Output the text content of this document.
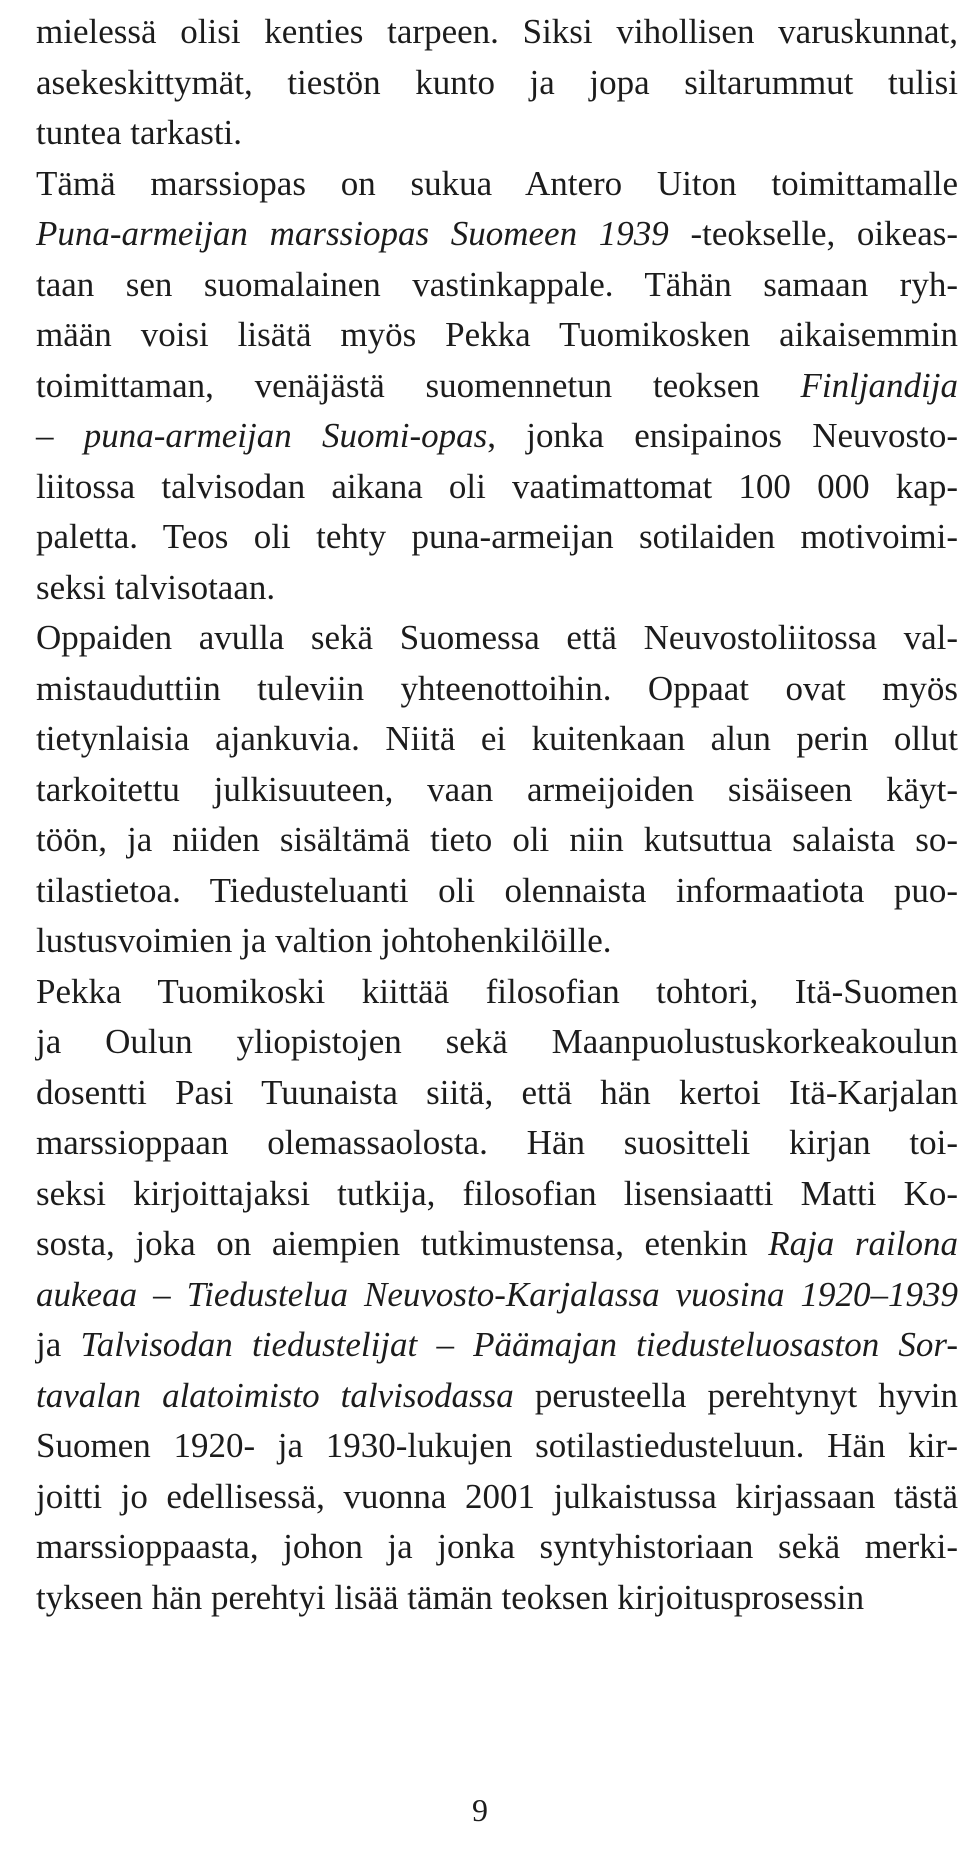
mielessä olisi kenties tarpeen. Siksi vihollisen varuskunnat,
asekeskittymät, tiestön kunto ja jopa siltarummut tulisi
tuntea tarkasti.
Tämä marssiopas on sukua Antero Uiton toimittamalle
Puna-armeijan marssiopas Suomeen 1939 -teokselle, oikeas-
taan sen suomalainen vastinkappale. Tähän samaan ryh-
mään voisi lisätä myös Pekka Tuomikosken aikaisemmin
toimittaman, venäjästä suomennetun teoksen Finljandija
– puna-armeijan Suomi-opas, jonka ensipainos Neuvosto-
liitossa talvisodan aikana oli vaatimattomat 100 000 kap-
paletta. Teos oli tehty puna-armeijan sotilaiden motivoimi-
seksi talvisotaan.
Oppaiden avulla sekä Suomessa että Neuvostoliitossa val-
mistauduttiin tuleviin yhteenottoihin. Oppaat ovat myös
tietynlaisia ajankuvia. Niitä ei kuitenkaan alun perin ollut
tarkoitettu julkisuuteen, vaan armeijoiden sisäiseen käyt-
töön, ja niiden sisältämä tieto oli niin kutsuttua salaista so-
tilastietoa. Tiedusteluanti oli olennaista informaatiota puo-
lustusvoimien ja valtion johtohenkilöille.
Pekka Tuomikoski kiittää filosofian tohtori, Itä-Suomen
ja Oulun yliopistojen sekä Maanpuolustuskorkeakoulun
dosentti Pasi Tuunaista siitä, että hän kertoi Itä-Karjalan
marssioppaan olemassaolosta. Hän suositteli kirjan toi-
seksi kirjoittajaksi tutkija, filosofian lisensiaatti Matti Ko-
sosta, joka on aiempien tutkimustensa, etenkin Raja railona
aukeaa – Tiedustelua Neuvosto-Karjalassa vuosina 1920–1939
ja Talvisodan tiedustelijat – Päämajan tiedusteluosaston Sor-
tavalan alatoimisto talvisodassa perusteella perehtynyt hyvin
Suomen 1920- ja 1930-lukujen sotilastiedusteluun. Hän kir-
joitti jo edellisessä, vuonna 2001 julkaistussa kirjassaan tästä
marssioppaasta, johon ja jonka syntyhistoriaan sekä merki-
tykseen hän perehtyi lisää tämän teoksen kirjoitusprosessin
9
